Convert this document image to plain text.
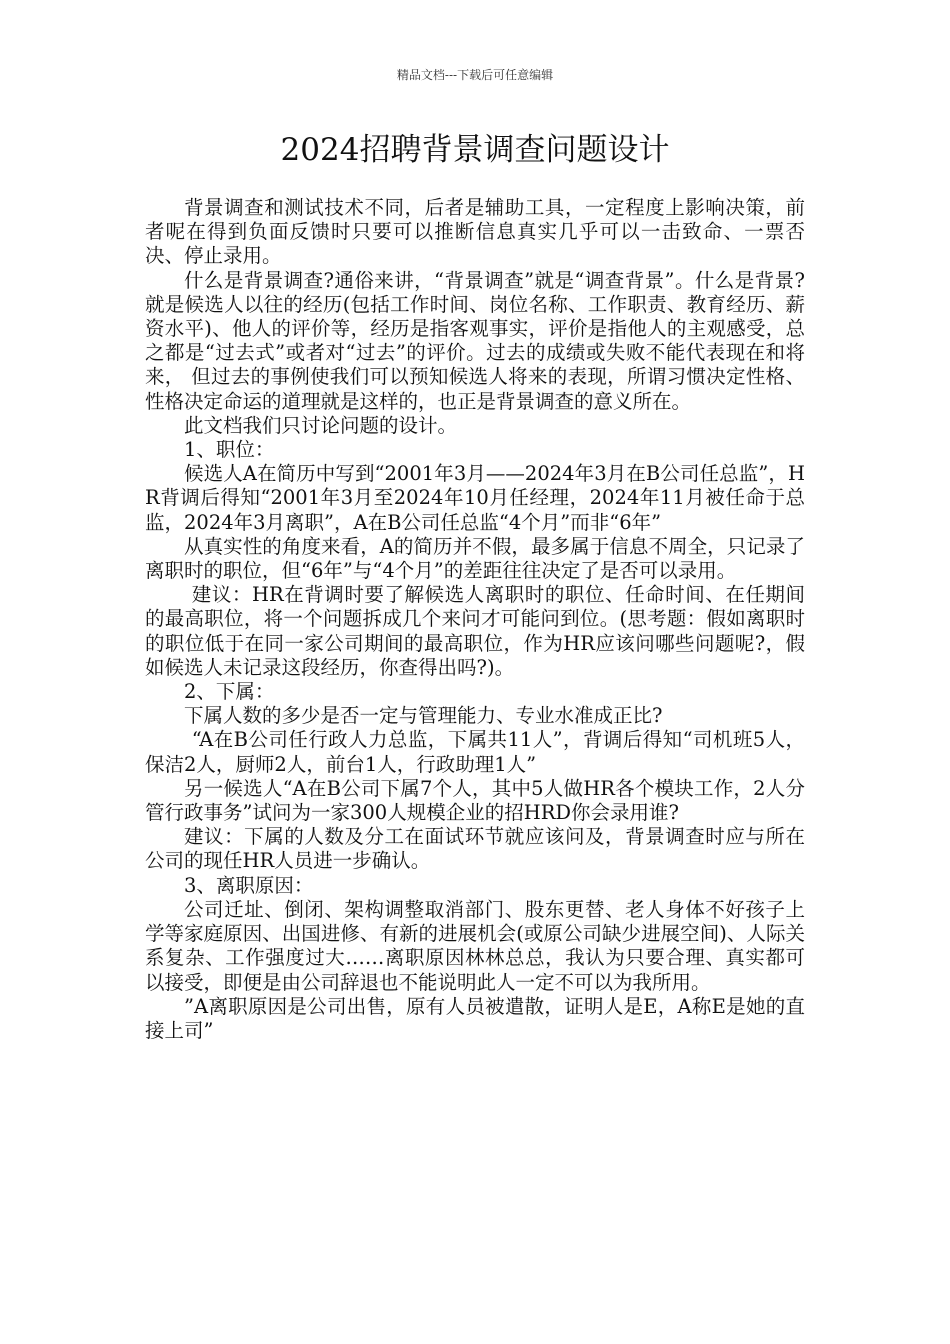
精品文档---下载后可任意编辑
2024招聘背景调查问题设计

背景调查和测试技术不同，后者是辅助工具，一定程度上影响决策，前者呢在得到负面反馈时只要可以推断信息真实几乎可以一击致命、一票否决、停止录用。

什么是背景调查?通俗来讲，“背景调查”就是“调查背景”。什么是背景?就是候选人以往的经历(包括工作时间、岗位名称、工作职责、教育经历、薪资水平)、他人的评价等，经历是指客观事实，评价是指他人的主观感受，总之都是“过去式”或者对“过去”的评价。过去的成绩或失败不能代表现在和将来， 但过去的事例使我们可以预知候选人将来的表现，所谓习惯决定性格、性格决定命运的道理就是这样的，也正是背景调查的意义所在。

此文档我们只讨论问题的设计。

1、职位：

候选人A在简历中写到“2001年3月——2024年3月在B公司任总监”，HR背调后得知“2001年3月至2024年10月任经理，2024年11月被任命于总监，2024年3月离职”，A在B公司任总监“4个月”而非“6年”

从真实性的角度来看，A的简历并不假，最多属于信息不周全，只记录了离职时的职位，但“6年”与“4个月”的差距往往决定了是否可以录用。

建议：HR在背调时要了解候选人离职时的职位、任命时间、在任期间的最高职位，将一个问题拆成几个来问才可能问到位。(思考题：假如离职时的职位低于在同一家公司期间的最高职位，作为HR应该问哪些问题呢?，假如候选人未记录这段经历，你查得出吗?)。

2、下属：

下属人数的多少是否一定与管理能力、专业水准成正比?

“A在B公司任行政人力总监，下属共11人”，背调后得知“司机班5人，保洁2人，厨师2人，前台1人，行政助理1人”

另一候选人“A在B公司下属7个人，其中5人做HR各个模块工作，2人分管行政事务”试问为一家300人规模企业的招HRD你会录用谁?

建议：下属的人数及分工在面试环节就应该问及，背景调查时应与所在公司的现任HR人员进一步确认。

3、离职原因：

公司迁址、倒闭、架构调整取消部门、股东更替、老人身体不好孩子上学等家庭原因、出国进修、有新的进展机会(或原公司缺少进展空间)、人际关系复杂、工作强度过大……离职原因林林总总，我认为只要合理、真实都可以接受，即便是由公司辞退也不能说明此人一定不可以为我所用。

”A离职原因是公司出售，原有人员被遣散，证明人是E，A称E是她的直接上司”
